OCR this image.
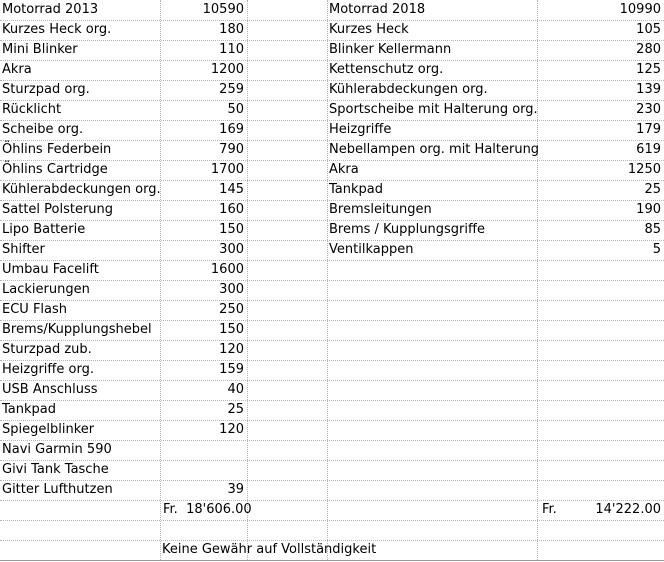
Motorrad 2013	10590
Kurzes Heck org.	180
Mini Blinker	110
Akra	1200
Sturzpad org.	259
Rücklicht	50
Scheibe org.	169
Öhlins Federbein	790
Öhlins Cartridge	1700
Kühlerabdeckungen org.	145
Sattel Polsterung	160
Lipo Batterie	150
Shifter	300
Umbau Facelift	1600
Lackierungen	300
ECU Flash	250
Brems/Kupplungshebel	150
Sturzpad zub.	120
Heizgriffe org.	159
USB Anschluss	40
Tankpad	25
Spiegelblinker	120
Navi Garmin 590
Givi Tank Tasche
Gitter Lufthutzen	39
Fr.  18'606.00
Motorrad 2018	10990
Kurzes Heck	105
Blinker Kellermann	280
Kettenschutz org.	125
Kühlerabdeckungen org.	139
Sportscheibe mit Halterung org.	230
Heizgriffe	179
Nebellampen org. mit Halterung	619
Akra	1250
Tankpad	25
Bremsleitungen	190
Brems / Kupplungsgriffe	85
Ventilkappen	5
Fr.	14'222.00
Keine Gewähr auf Vollständigkeit
